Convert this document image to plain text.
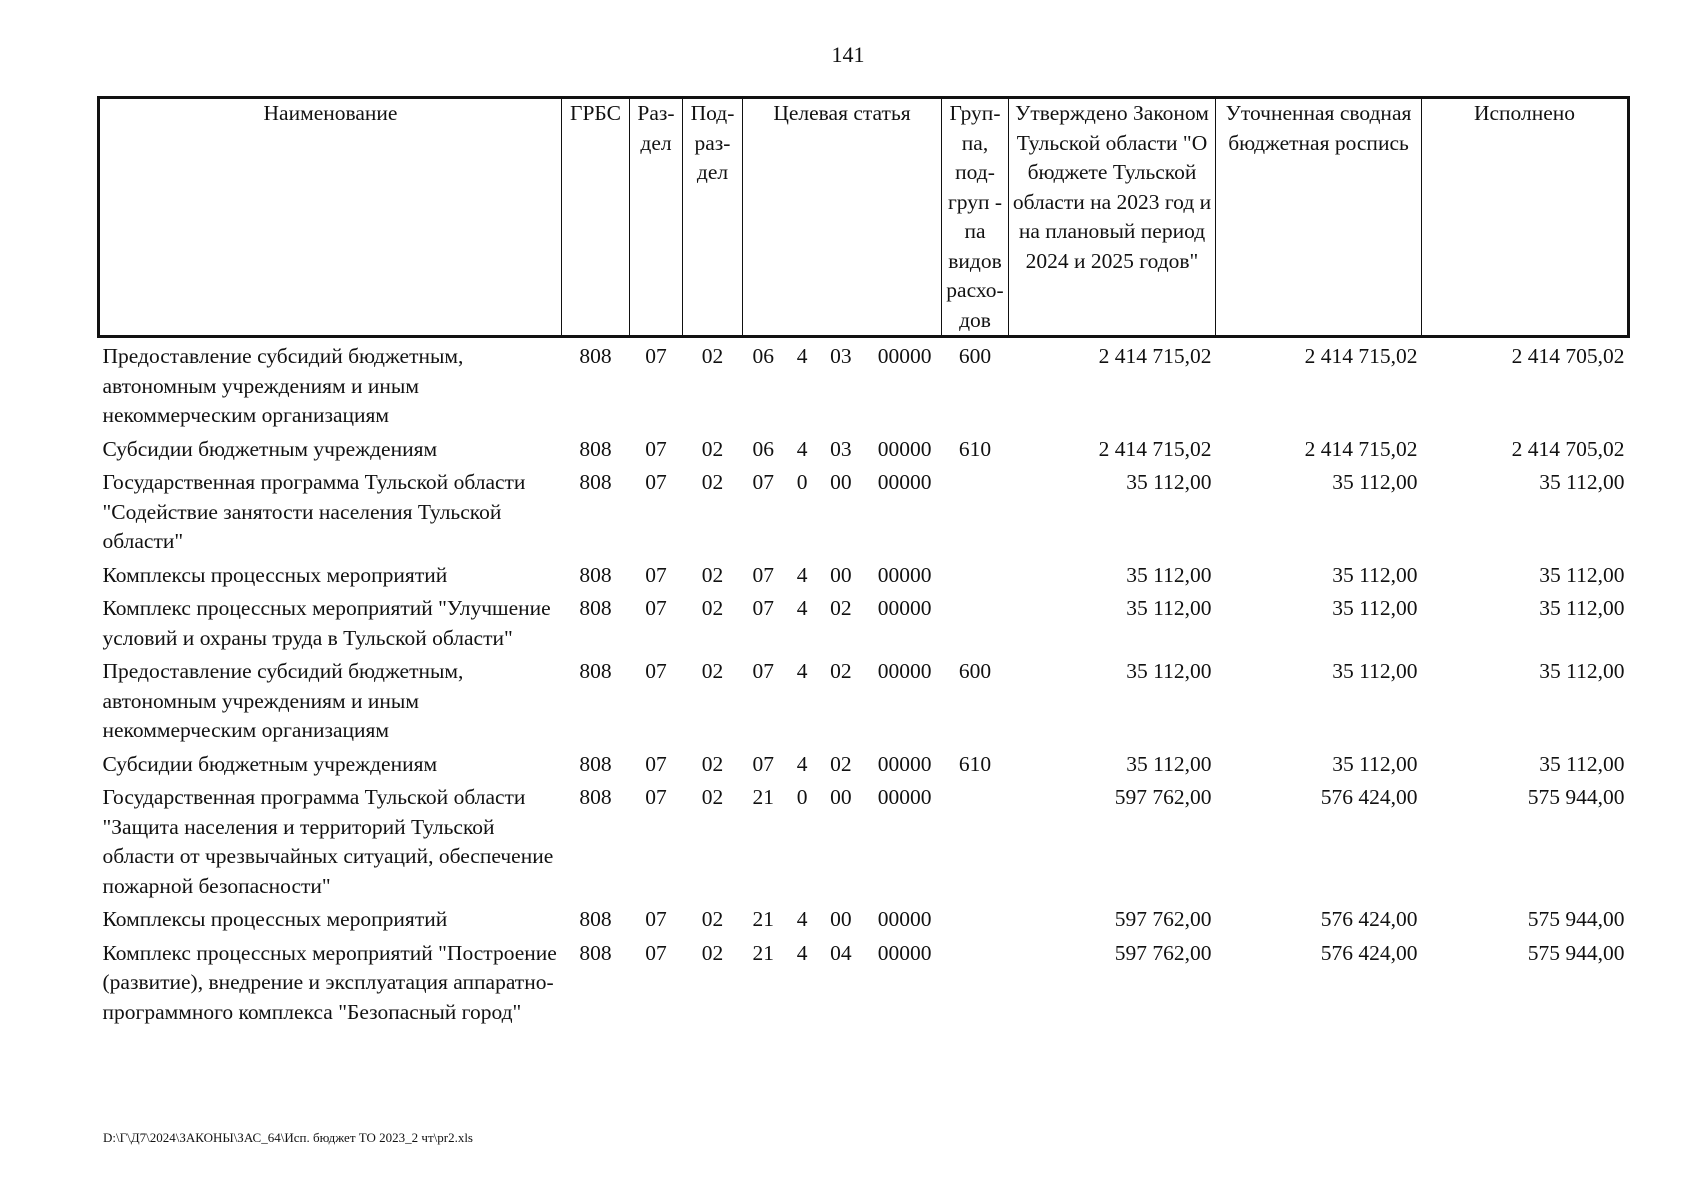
141
Наименование	ГРБС	Раз- дел	Под- раз- дел	Целевая статья	Груп- па, под- груп - па видов расхо- дов	Утверждено Законом Тульской области "О бюджете Тульской области на 2023 год и на плановый период 2024 и 2025 годов"	Уточненная сводная бюджетная роспись	Исполнено
Предоставление субсидий бюджетным, автономным учреждениям и иным некоммерческим организациям	808	07	02	06 4 03 00000	600	2 414 715,02	2 414 715,02	2 414 705,02
Субсидии бюджетным учреждениям	808	07	02	06 4 03 00000	610	2 414 715,02	2 414 715,02	2 414 705,02
Государственная программа Тульской области "Содействие занятости населения Тульской области"	808	07	02	07 0 00 00000		35 112,00	35 112,00	35 112,00
Комплексы процессных мероприятий	808	07	02	07 4 00 00000		35 112,00	35 112,00	35 112,00
Комплекс процессных мероприятий "Улучшение условий и охраны труда в Тульской области"	808	07	02	07 4 02 00000		35 112,00	35 112,00	35 112,00
Предоставление субсидий бюджетным, автономным учреждениям и иным некоммерческим организациям	808	07	02	07 4 02 00000	600	35 112,00	35 112,00	35 112,00
Субсидии бюджетным учреждениям	808	07	02	07 4 02 00000	610	35 112,00	35 112,00	35 112,00
Государственная программа Тульской области "Защита населения и территорий Тульской области от чрезвычайных ситуаций, обеспечение пожарной безопасности"	808	07	02	21 0 00 00000		597 762,00	576 424,00	575 944,00
Комплексы процессных мероприятий	808	07	02	21 4 00 00000		597 762,00	576 424,00	575 944,00
Комплекс процессных мероприятий "Построение (развитие), внедрение и эксплуатация аппаратно-программного комплекса "Безопасный город"	808	07	02	21 4 04 00000		597 762,00	576 424,00	575 944,00
D:\Г\Д7\2024\ЗАКОНЫ\ЗАС_64\Исп. бюджет ТО 2023_2 чт\pr2.xls
